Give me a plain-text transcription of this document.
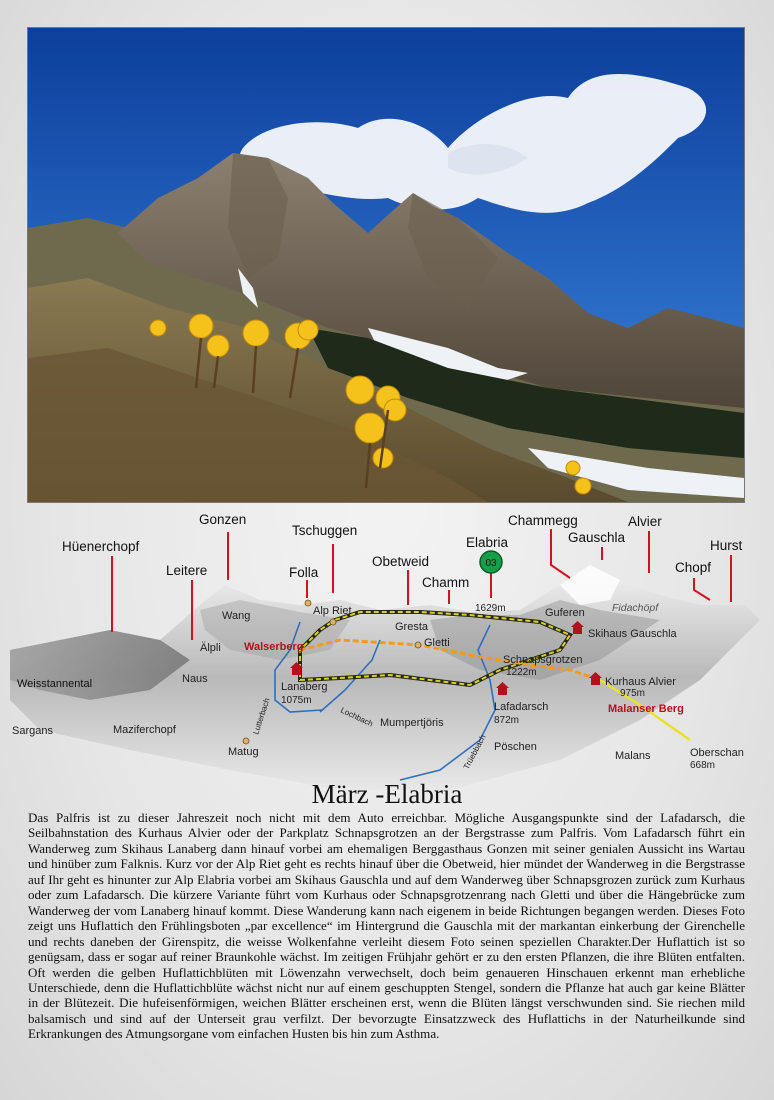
Hüenerchopf
Gonzen
Leitere
Tschuggen
Folla
Obetweid
Elabria
Chamm
Chammegg
Gauschla
Alvier
Hurst
Chopf
03
Wang	Alp Riet	1629m	Guferen	Fidachöpf
Älpli Walserberg
Gresta
Gletti
Skihaus Gauschla
Weisstannental	Naus
Lanaberg
1075m
Schnapsgrotzen
1222m
Kurhaus Alvier
975m
Malanser Berg
Lafadarsch
872m
Sargans	Maziferchopf
Mumpertjöris
Pöschen
Malans	Oberschan
668m
Matug
Lutterbach	Lochbach
Trüebbach
März -Elabria

Das Palfris ist zu dieser Jahreszeit noch nicht mit dem Auto erreichbar. Mögliche Ausgangspunkte sind der Lafadarsch, die Seilbahnstation des Kurhaus Alvier oder der Parkplatz Schnapsgrotzen an der Bergstrasse zum Palfris. Vom Lafadarsch führt ein Wanderweg zum Skihaus Lanaberg dann hinauf vorbei am ehemaligen Berggasthaus Gonzen mit seiner genialen Aussicht ins Wartau und hinüber zum Falknis. Kurz vor der Alp Riet geht es rechts hinauf über die Obetweid, hier mündet der Wanderweg in die Bergstrasse auf Ihr geht es hinunter zur Alp Elabria vorbei am Skihaus Gauschla und auf dem Wanderweg über Schnapsgrozen zurück zum Kurhaus oder zum Lafadarsch. Die kürzere Variante führt vom Kurhaus oder Schnapsgrotzenrang nach Gletti und über die Hängebrücke zum Wanderweg der vom Lanaberg hinauf kommt. Diese Wanderung kann nach eigenem in beide Richtungen begangen werden. Dieses Foto zeigt uns Huflattich den Frühlingsboten „par excellence“ im Hintergrund die Gauschla mit der markantan einkerbung der Girenchelle und rechts daneben der Girenspitz, die weisse Wolkenfahne verleiht diesem Foto seinen speziellen Charakter.Der Huflattich ist so genügsam, dass er sogar auf reiner Braunkohle wächst. Im zeitigen Frühjahr gehört er zu den ersten Pflanzen, die ihre Blüten entfalten. Oft werden die gelben Huflattichblüten mit Löwenzahn verwechselt, doch beim genaueren Hinschauen erkennt man erhebliche Unterschiede, denn die Huflattichblüte wächst nicht nur auf einem geschuppten Stengel, sondern die Pflanze hat auch gar keine Blätter in der Blütezeit. Die hufeisenförmigen, weichen Blätter erscheinen erst, wenn die Blüten längst verschwunden sind. Sie riechen mild balsamisch und sind auf der Unterseit grau verfilzt. Der bevorzugte Einsatzzweck des Huflattichs in der Naturheilkunde sind Erkrankungen des Atmungsorgane vom einfachen Husten bis hin zum Asthma.
